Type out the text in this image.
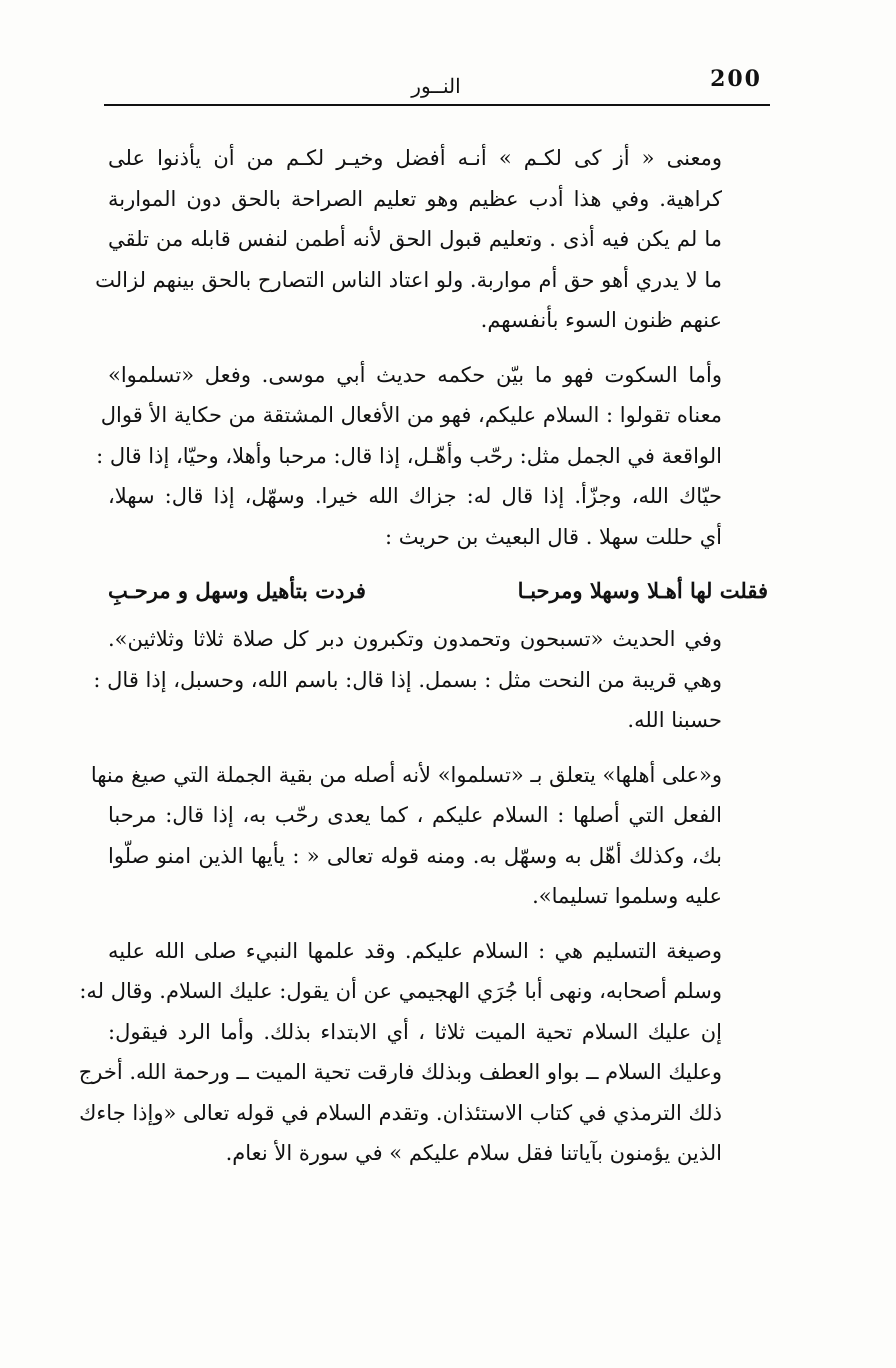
200
النــور
ومعنى « أز كى لكـم » أنـه أفضل وخيـر لكـم من أن يأذنوا على
كراهية. وفي هذا أدب عظيم وهو تعليم الصراحة بالحق دون المواربة
ما لم يكن فيه أذى . وتعليم قبول الحق لأنه أطمن لنفس قابله من تلقي
ما لا يدري أهو حق أم مواربة. ولو اعتاد الناس التصارح بالحق بينهم لزالت
عنهم ظنون السوء بأنفسهم.
وأما السكوت فهو ما بيّن حكمه حديث أبي موسى. وفعل «تسلموا»
معناه تقولوا : السلام عليكم، فهو من الأفعال المشتقة من حكاية الأ قوال
الواقعة في الجمل مثل: رحّب وأهّـل، إذا قال: مرحبا وأهلا، وحيّا، إذا قال :
حيّاك الله، وجزّأ. إذا قال له: جزاك الله خيرا. وسهّل، إذا قال: سهلا،
أي حللت سهلا . قال البعيث بن حريث :
فقلت لها أهـلا وسهلا ومرحبـا
فردت بتأهيل وسهل و مرحـبِ
وفي الحديث «تسبحون وتحمدون وتكبرون دبر كل صلاة ثلاثا وثلاثين».
وهي قريبة من النحت مثل : بسمل. إذا قال: باسم الله، وحسبل، إذا قال :
حسبنا الله.
و«على أهلها» يتعلق بـ «تسلموا» لأنه أصله من بقية الجملة التي صيغ منها
الفعل التي أصلها : السلام عليكم ، كما يعدى رحّب به، إذا قال: مرحبا
بك، وكذلك أهّل به وسهّل به. ومنه قوله تعالى « : يأيها الذين امنو صلّوا
عليه وسلموا تسليما».
وصيغة التسليم هي : السلام عليكم. وقد علمها النبيء صلى الله عليه
وسلم أصحابه، ونهى أبا جُرَي الهجيمي عن أن يقول: عليك السلام. وقال له:
إن عليك السلام تحية الميت ثلاثا ، أي الابتداء بذلك. وأما الرد فيقول:
وعليك السلام ــ بواو العطف وبذلك فارقت تحية الميت ــ ورحمة الله. أخرج
ذلك الترمذي في كتاب الاستئذان. وتقدم السلام في قوله تعالى «وإذا جاءك
الذين يؤمنون بآياتنا فقل سلام عليكم » في سورة الأ نعام.
